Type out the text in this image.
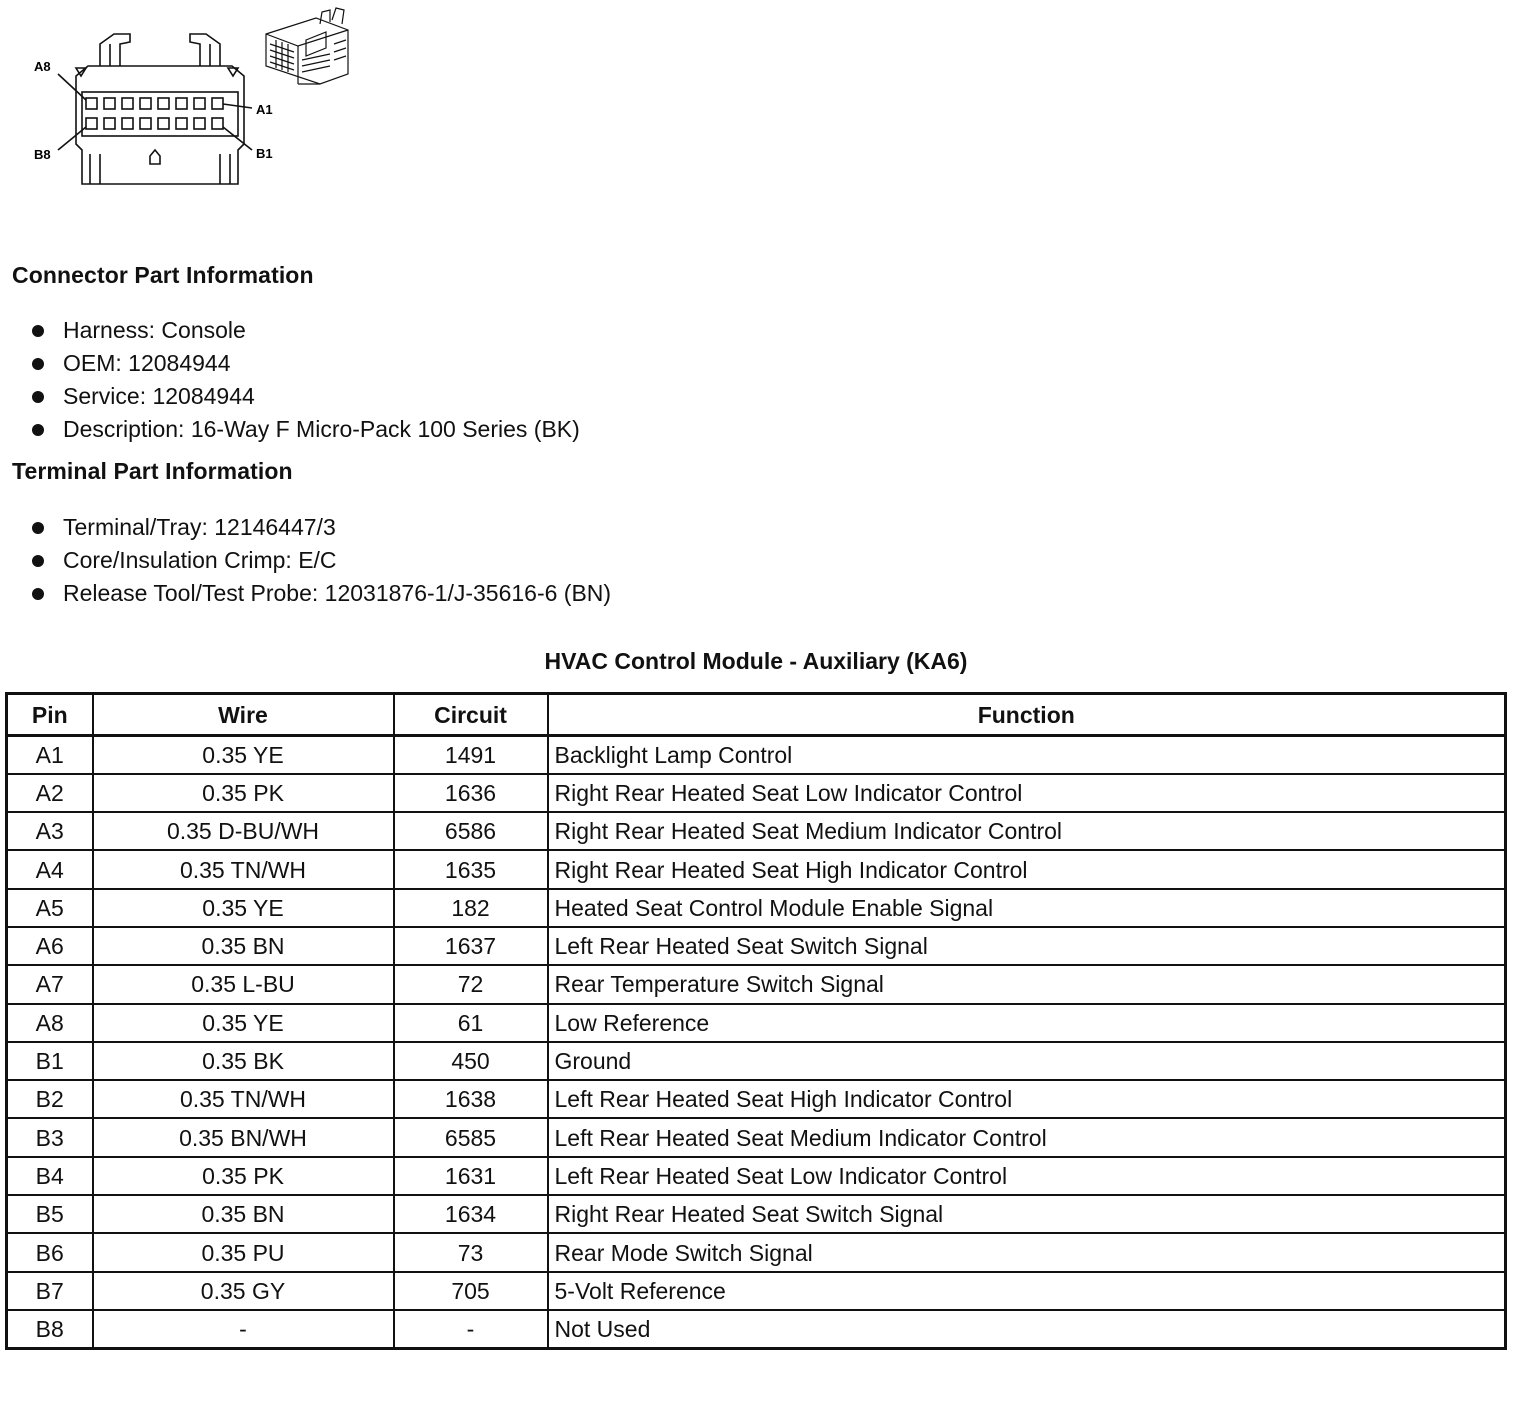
A8
A1
B8	B1
Connector Part Information
Harness: Console
OEM: 12084944
Service: 12084944
Description: 16-Way F Micro-Pack 100 Series (BK)
Terminal Part Information
Terminal/Tray: 12146447/3
Core/Insulation Crimp: E/C
Release Tool/Test Probe: 12031876-1/J-35616-6 (BN)
HVAC Control Module - Auxiliary (KA6)
Pin	Wire	Circuit	Function
A1	0.35 YE	1491	Backlight Lamp Control
A2	0.35 PK	1636	Right Rear Heated Seat Low Indicator Control
A3	0.35 D-BU/WH	6586	Right Rear Heated Seat Medium Indicator Control
A4	0.35 TN/WH	1635	Right Rear Heated Seat High Indicator Control
A5	0.35 YE	182	Heated Seat Control Module Enable Signal
A6	0.35 BN	1637	Left Rear Heated Seat Switch Signal
A7	0.35 L-BU	72	Rear Temperature Switch Signal
A8	0.35 YE	61	Low Reference
B1	0.35 BK	450	Ground
B2	0.35 TN/WH	1638	Left Rear Heated Seat High Indicator Control
B3	0.35 BN/WH	6585	Left Rear Heated Seat Medium Indicator Control
B4	0.35 PK	1631	Left Rear Heated Seat Low Indicator Control
B5	0.35 BN	1634	Right Rear Heated Seat Switch Signal
B6	0.35 PU	73	Rear Mode Switch Signal
B7	0.35 GY	705	5-Volt Reference
B8	-	-	Not Used
